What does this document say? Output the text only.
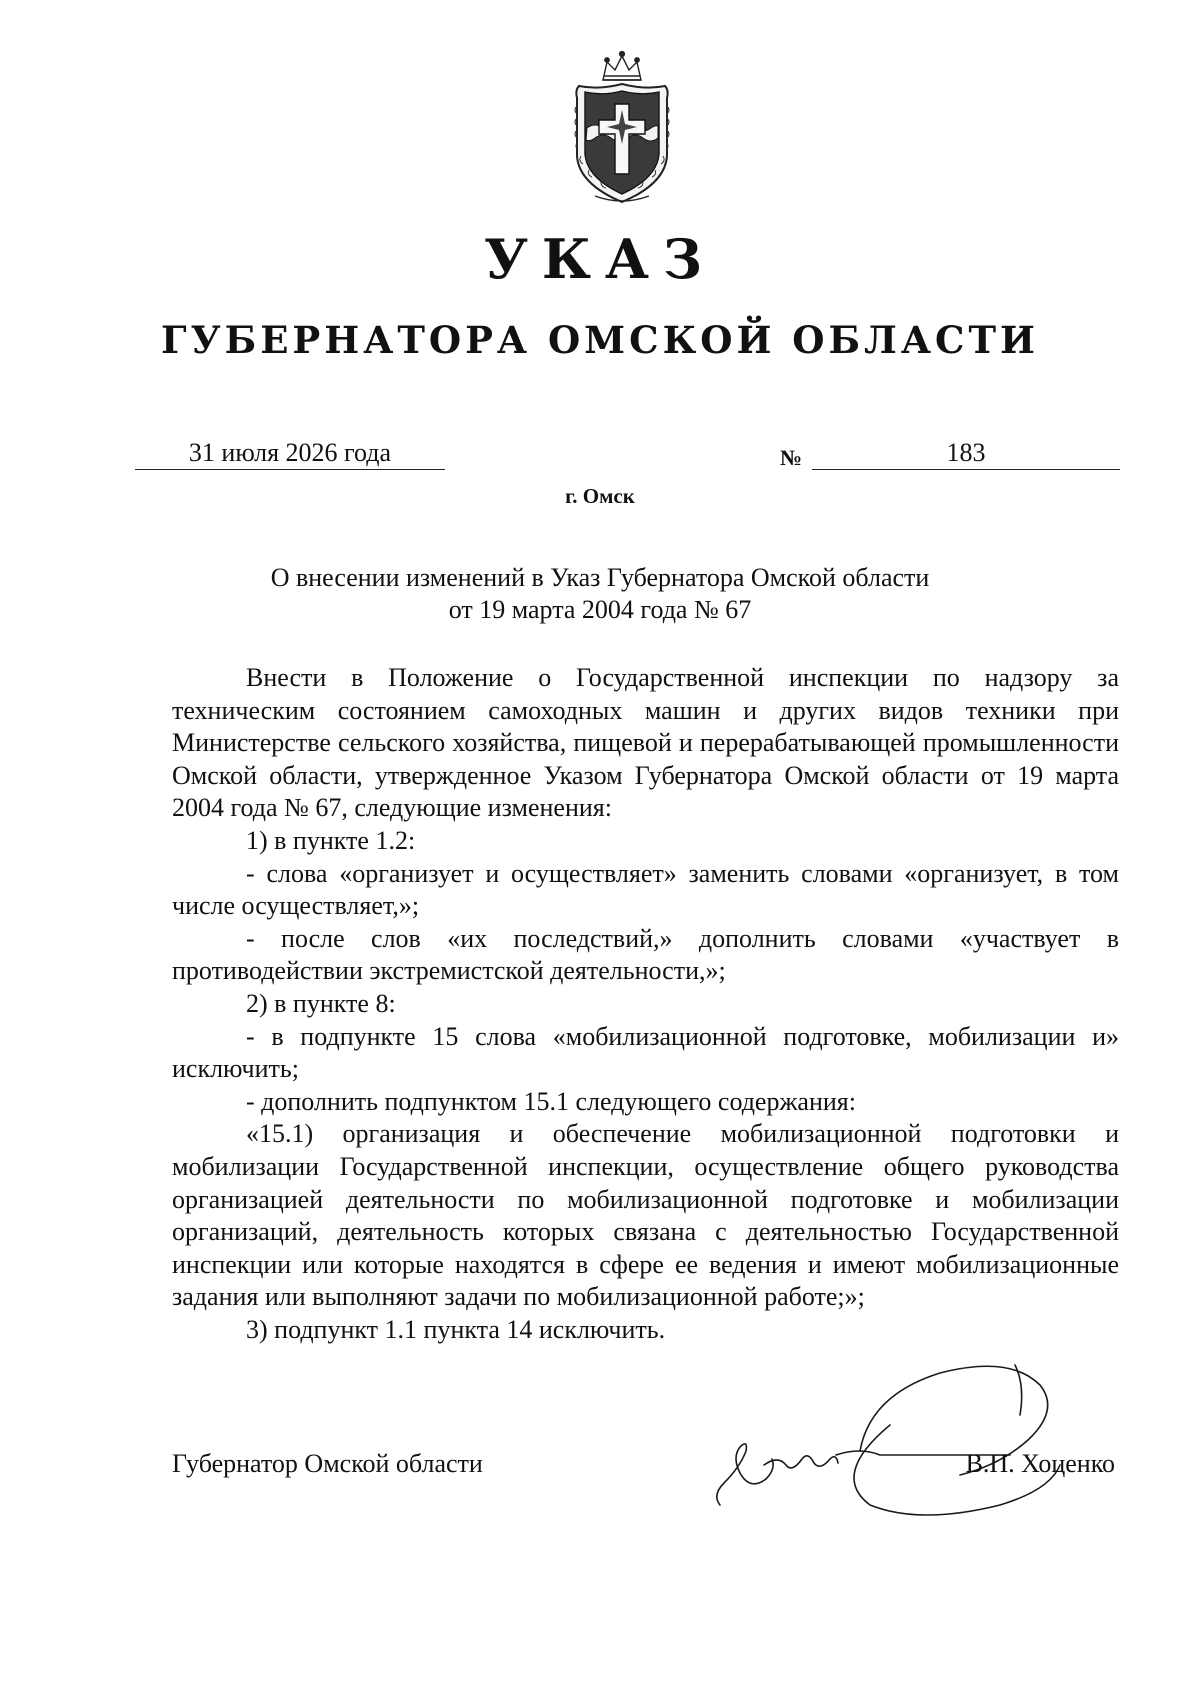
УКАЗ
ГУБЕРНАТОРА ОМСКОЙ ОБЛАСТИ
31 июля 2026 года	№	183
г. Омск
О внесении изменений в Указ Губернатора Омской области
от 19 марта 2004 года № 67

Внести в Положение о Государственной инспекции по надзору за техническим состоянием самоходных машин и других видов техники при Министерстве сельского хозяйства, пищевой и перерабатывающей промышленности Омской области, утвержденное Указом Губернатора Омской области от 19 марта 2004 года № 67, следующие изменения:

1) в пункте 1.2:

- слова «организует и осуществляет» заменить словами «организует, в том числе осуществляет,»;

- после слов «их последствий,» дополнить словами «участвует в противодействии экстремистской деятельности,»;

2) в пункте 8:

- в подпункте 15 слова «мобилизационной подготовке, мобилизации и» исключить;

- дополнить подпунктом 15.1 следующего содержания:

«15.1) организация и обеспечение мобилизационной подготовки и мобилизации Государственной инспекции, осуществление общего руководства организацией деятельности по мобилизационной подготовке и мобилизации организаций, деятельность которых связана с деятельностью Государственной инспекции или которые находятся в сфере ее ведения и имеют мобилизационные задания или выполняют задачи по мобилизационной работе;»;

3) подпункт 1.1 пункта 14 исключить.

Губернатор Омской области	В.П. Хоценко
